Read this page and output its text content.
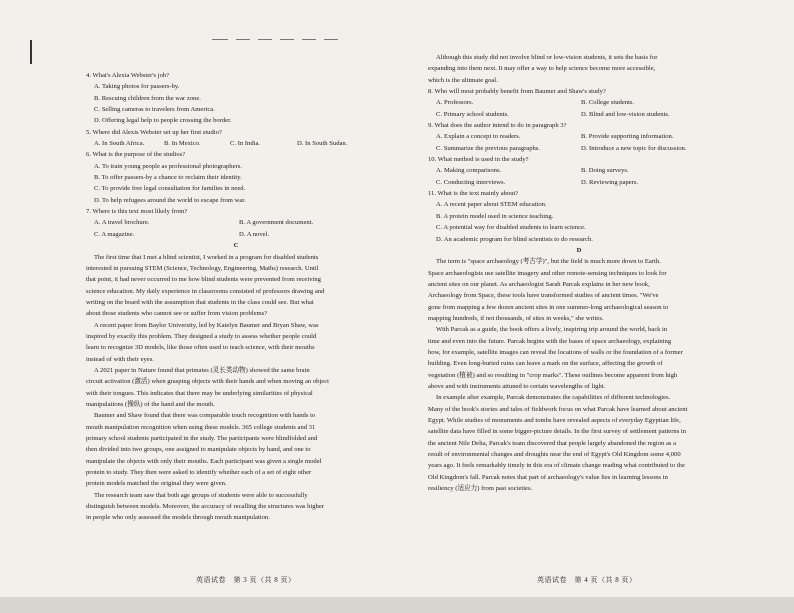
4. What's Alexia Webster's job?
A. Taking photos for passers-by.
B. Rescuing children from the war zone.
C. Selling cameras to travelers from America.
D. Offering legal help to people crossing the border.
5. Where did Alexis Webster set up her first studio?
A. In South Africa.	B. In Mexico.	C. In India.	D. In South Sudan.
6. What is the purpose of the studios?
A. To train young people as professional photographers.
B. To offer passers-by a chance to reclaim their identity.
C. To provide free legal consultation for families in need.
D. To help refugees around the world to escape from war.
7. Where is this text most likely from?
A. A travel brochure.	B. A government document.
C. A magazine.	D. A novel.
C
The first time that I met a blind scientist, I worked in a program for disabled students
interested in pursuing STEM (Science, Technology, Engineering, Maths) research. Until
that point, it had never occurred to me how blind students were prevented from receiving
science education. My daily experience in classrooms consisted of professors drawing and
writing on the board with the assumption that students in the class could see. But what
about those students who cannot see or suffer from vision problems?
A recent paper from Baylor University, led by Katelyn Baumer and Bryan Shaw, was
inspired by exactly this problem. They designed a study to assess whether people could
learn to recognize 3D models, like those often used to teach science, with their mouths
instead of with their eyes.
A 2021 paper in Nature found that primates (灵长类动物) showed the same brain
circuit activation (激活) when grasping objects with their hands and when moving an object
with their tongues. This indicates that there may be underlying similarities of physical
manipulations (操纵) of the hand and the mouth.
Baumer and Shaw found that there was comparable touch recognition with hands to
mouth manipulation recognition when using these models. 365 college students and 31
primary school students participated in the study. The participants were blindfolded and
then divided into two groups, one assigned to manipulate objects by hand, and one to
manipulate the objects with only their mouths. Each participant was given a single model
protein to study. They then were asked to identify whether each of a set of eight other
protein models matched the original they were given.
The research team saw that both age groups of students were able to successfully
distinguish between models. Moreover, the accuracy of recalling the structures was higher
in people who only assessed the models through mouth manipulation.
英语试卷　第 3 页（共 8 页）
Although this study did not involve blind or low-vision students, it sets the basis for
expanding into them next. It may offer a way to help science become more accessible,
which is the ultimate goal.
8. Who will most probably benefit from Baumer and Shaw's study?
A. Professors.	B. College students.
C. Primary school students.	D. Blind and low-vision students.
9. What does the author intend to do in paragraph 3?
A. Explain a concept to readers.	B. Provide supporting information.
C. Summarize the previous paragraphs.	D. Introduce a new topic for discussion.
10. What method is used in the study?
A. Making comparisons.	B. Doing surveys.
C. Conducting interviews.	D. Reviewing papers.
11. What is the text mainly about?
A. A recent paper about STEM education.
B. A protein model used in science teaching.
C. A potential way for disabled students to learn science.
D. An academic program for blind scientists to do research.
D
The term is "space archaeology (考古学)", but the field is much more down to Earth.
Space archaeologists use satellite imagery and other remote-sensing techniques to look for
ancient sites on our planet. As archaeologist Sarah Parcak explains in her new book,
Archaeology from Space, these tools have transformed studies of ancient times. "We've
gone from mapping a few dozen ancient sites in one summer-long archaeological season to
mapping hundreds, if not thousands, of sites in weeks," she writes.
With Parcak as a guide, the book offers a lively, inspiring trip around the world, back in
time and even into the future. Parcak begins with the bases of space archaeology, explaining
how, for example, satellite images can reveal the locations of walls or the foundation of a former
building. Even long-buried ruins can leave a mark on the surface, affecting the growth of
vegetation (植被) and so resulting in "crop marks". These outlines become apparent from high
above and with instruments attuned to certain wavelengths of light.
In example after example, Parcak demonstrates the capabilities of different technologies.
Many of the book's stories and tales of fieldwork focus on what Parcak have learned about ancient
Egypt. While studies of monuments and tombs have revealed aspects of everyday Egyptian life,
satellite data have filled in some bigger-picture details. In the first survey of settlement patterns in
the ancient Nile Delta, Parcak's team discovered that people largely abandoned the region as a
result of environmental changes and droughts near the end of Egypt's Old Kingdom some 4,000
years ago. It feels remarkably timely in this era of climate change reading what contributed to the
Old Kingdom's fall. Parcak notes that part of archaeology's value lies in learning lessons in
resiliency (适应力) from past societies.
英语试卷　第 4 页（共 8 页）
